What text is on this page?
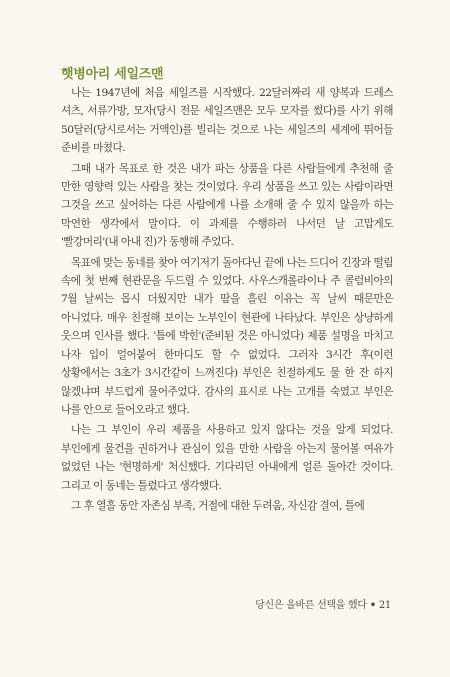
햇병아리 세일즈맨

나는 1947년에 처음 세일즈를 시작했다. 22달러짜리 새 양복과 드레스 셔츠, 서류가방, 모자(당시 전문 세일즈맨은 모두 모자를 썼다)를 사기 위해 50달러(당시로서는 거액인)를 빌리는 것으로 나는 세일즈의 세계에 뛰어들 준비를 마쳤다.

그때 내가 목표로 한 것은 내가 파는 상품을 다른 사람들에게 추천해 줄 만한 영향력 있는 사람을 찾는 것이었다. 우리 상품을 쓰고 있는 사람이라면 그것을 쓰고 싶어하는 다른 사람에게 나를 소개해 줄 수 있지 않을까 하는 막연한 생각에서 말이다. 이 과제를 수행하러 나서던 날 고맙게도 '빨강머리'(내 아내 진)가 동행해 주었다.

목표에 맞는 동네를 찾아 여기저기 돌아다닌 끝에 나는 드디어 긴장과 떨림 속에 첫 번째 현관문을 두드릴 수 있었다. 사우스캐롤라이나 주 콜럼비아의 7월 날씨는 몹시 더웠지만 내가 땀을 흘린 이유는 꼭 날씨 때문만은 아니었다. 매우 친절해 보이는 노부인이 현관에 나타났다. 부인은 상냥하게 웃으며 인사를 했다. '틈에 박힌'(준비된 것은 아니었다) 제품 설명을 마치고 나자 입이 얼어붙어 한마디도 할 수 없었다. 그러자 3시간 후(이런 상황에서는 3초가 3시간같이 느껴진다) 부인은 친절하게도 물 한 잔 하지 않겠냐며 부드럽게 물어주었다. 감사의 표시로 나는 고개를 숙였고 부인은 나를 안으로 들어오라고 했다.

나는 그 부인이 우리 제품을 사용하고 있지 않다는 것을 알게 되었다. 부인에게 물건을 권하거나 관심이 있을 만한 사람을 아는지 물어볼 여유가 없었던 나는 '현명하게' 처신했다. 기다리던 아내에게 얼른 돌아간 것이다. 그리고 이 동네는 틀렸다고 생각했다.

그 후 열흘 동안 자존심 부족, 거절에 대한 두려움, 자신감 결여, 틀에

당신은 올바른 선택을 했다 • 21
